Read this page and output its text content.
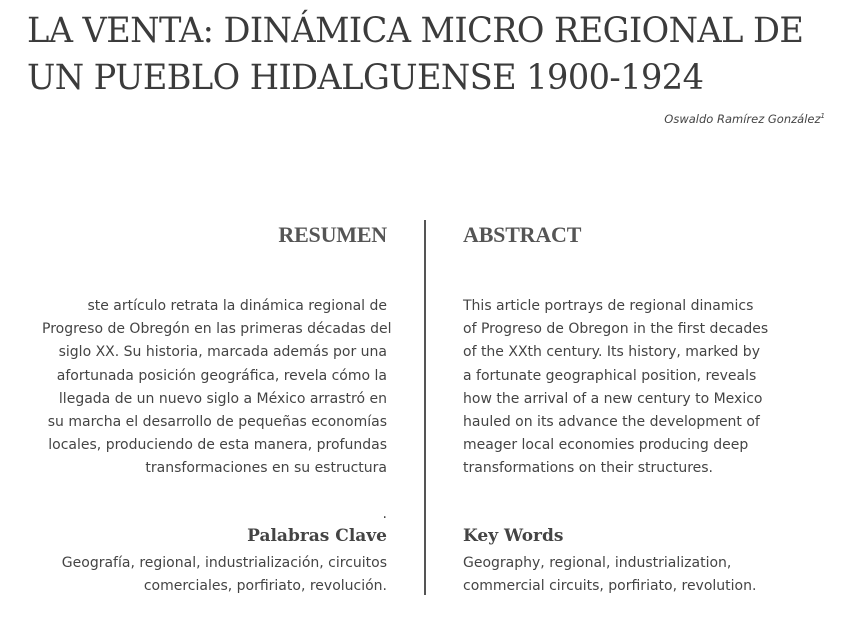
LA VENTA: DINÁMICA MICRO REGIONAL DE
UN PUEBLO HIDALGUENSE 1900-1924
Oswaldo Ramírez González$^1$
RESUMEN	ABSTRACT
ste artículo retrata la dinámica regional de
Progreso de Obregón en las primeras décadas del
siglo XX. Su historia, marcada además por una
afortunada posición geográfica, revela cómo la
llegada de un nuevo siglo a México arrastró en
su marcha el desarrollo de pequeñas economías
locales, produciendo de esta manera, profundas
transformaciones en su estructura
.
This article portrays de regional dinamics
of Progreso de Obregon in the first decades
of the XXth century. Its history, marked by
a fortunate geographical position, reveals
how the arrival of a new century to Mexico
hauled on its advance the development of
meager local economies producing deep
transformations on their structures.
Palabras Clave	Key Words
Geografía, regional, industrialización, circuitos
comerciales, porfiriato, revolución.
Geography, regional, industrialization,
commercial circuits, porfiriato, revolution.
